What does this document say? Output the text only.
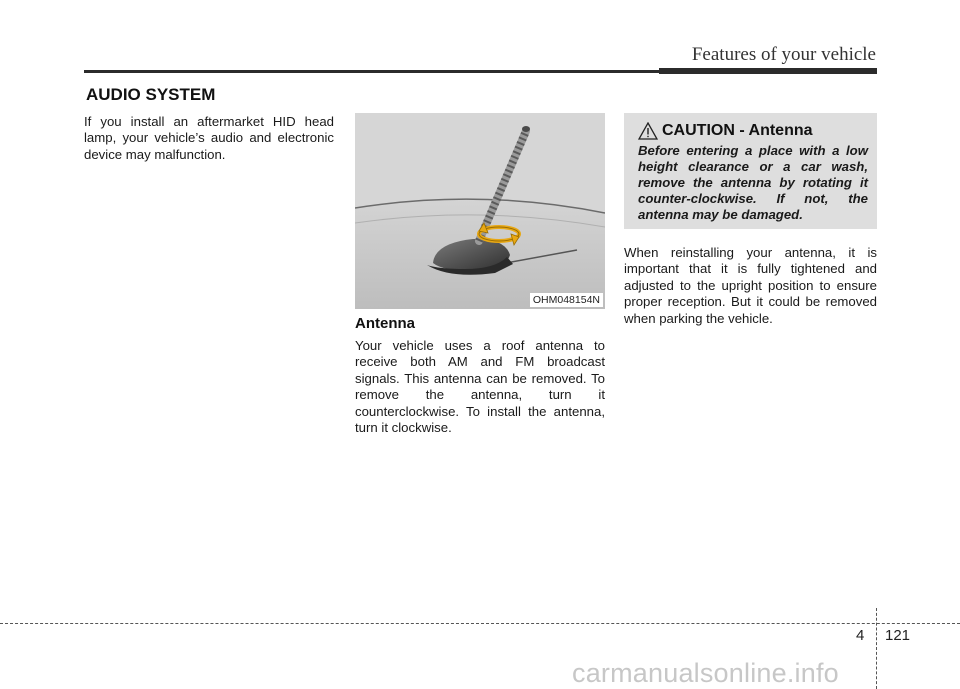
Features of your vehicle
AUDIO SYSTEM
If you install an aftermarket HID head lamp, your vehicle’s audio and electronic device may malfunction.
OHM048154N
Antenna
Your vehicle uses a roof antenna to receive both AM and FM broadcast signals. This antenna can be removed. To remove the antenna, turn it counterclockwise. To install the antenna, turn it clockwise.
CAUTION - Antenna
Before entering a place with a low height clearance or a car wash, remove the antenna by rotating it counter-clockwise. If not, the antenna may be damaged.
When reinstalling your antenna, it is important that it is fully tightened and adjusted to the upright position to ensure proper reception. But it could be removed when parking the vehicle.
4 121
carmanualsonline.info
